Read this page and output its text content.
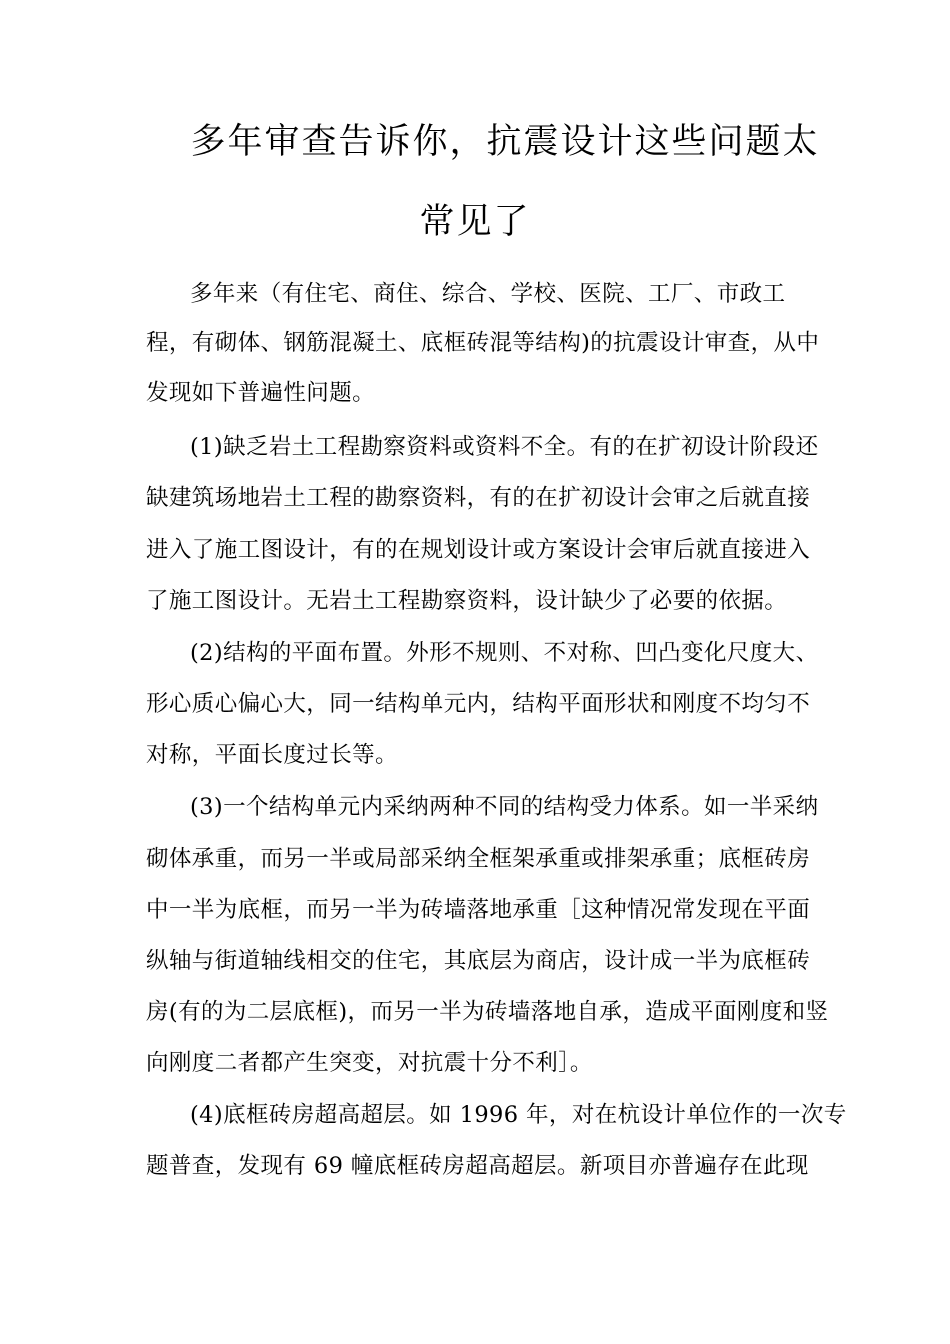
多年审查告诉你，抗震设计这些问题太
常见了
多年来（有住宅、商住、综合、学校、医院、工厂、市政工
程，有砌体、钢筋混凝土、底框砖混等结构)的抗震设计审查，从中
发现如下普遍性问题。
(1)缺乏岩土工程勘察资料或资料不全。有的在扩初设计阶段还
缺建筑场地岩土工程的勘察资料，有的在扩初设计会审之后就直接
进入了施工图设计，有的在规划设计或方案设计会审后就直接进入
了施工图设计。无岩土工程勘察资料，设计缺少了必要的依据。
(2)结构的平面布置。外形不规则、不对称、凹凸变化尺度大、
形心质心偏心大，同一结构单元内，结构平面形状和刚度不均匀不
对称，平面长度过长等。
(3)一个结构单元内采纳两种不同的结构受力体系。如一半采纳
砌体承重，而另一半或局部采纳全框架承重或排架承重；底框砖房
中一半为底框，而另一半为砖墙落地承重［这种情况常发现在平面
纵轴与街道轴线相交的住宅，其底层为商店，设计成一半为底框砖
房(有的为二层底框)，而另一半为砖墙落地自承，造成平面刚度和竖
向刚度二者都产生突变，对抗震十分不利］。
(4)底框砖房超高超层。如 1996 年，对在杭设计单位作的一次专
题普查，发现有 69 幢底框砖房超高超层。新项目亦普遍存在此现
